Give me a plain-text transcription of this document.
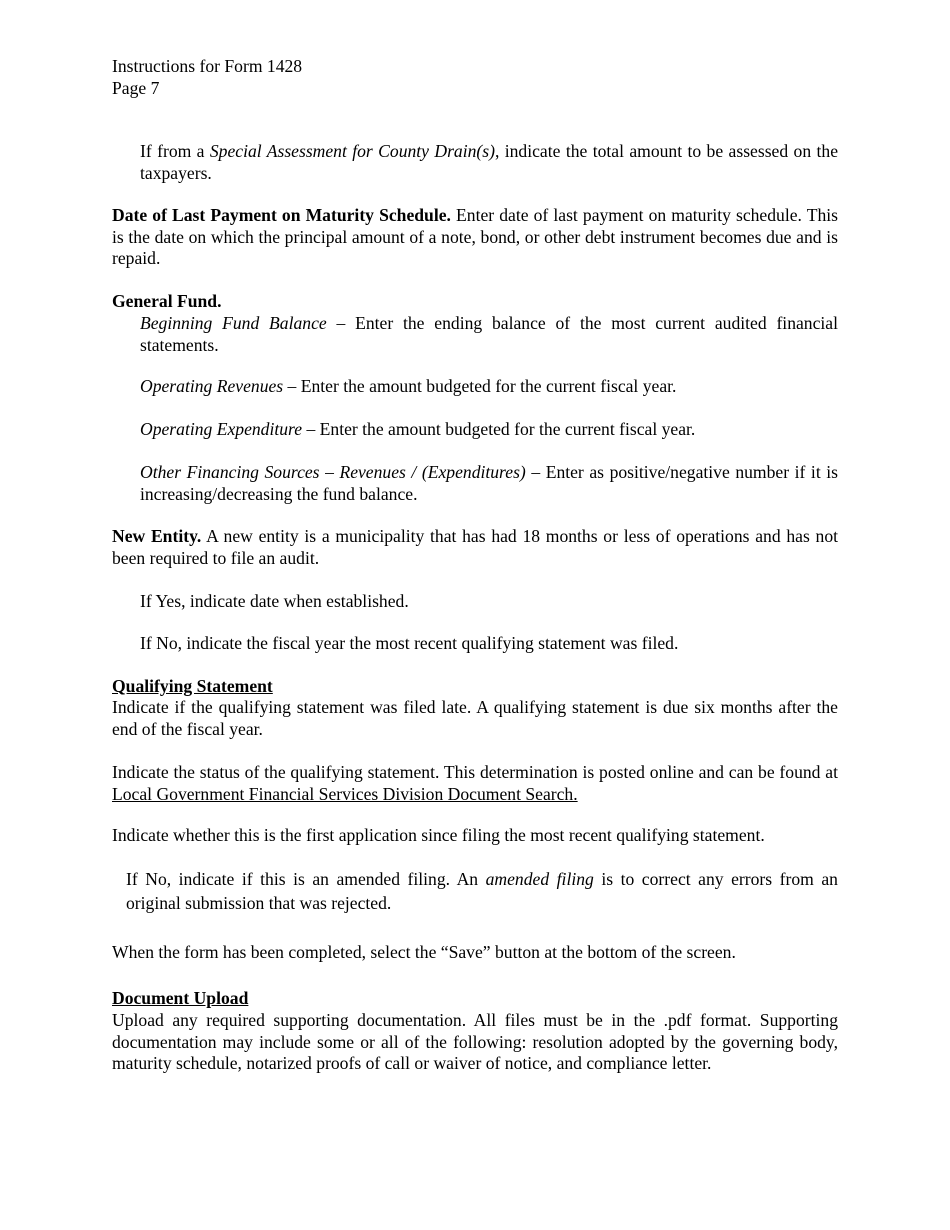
Instructions for Form 1428
Page 7
If from a Special Assessment for County Drain(s), indicate the total amount to be assessed on the taxpayers.
Date of Last Payment on Maturity Schedule. Enter date of last payment on maturity schedule. This is the date on which the principal amount of a note, bond, or other debt instrument becomes due and is repaid.
General Fund.
Beginning Fund Balance – Enter the ending balance of the most current audited financial statements.
Operating Revenues – Enter the amount budgeted for the current fiscal year.
Operating Expenditure – Enter the amount budgeted for the current fiscal year.
Other Financing Sources – Revenues / (Expenditures) – Enter as positive/negative number if it is increasing/decreasing the fund balance.
New Entity. A new entity is a municipality that has had 18 months or less of operations and has not been required to file an audit.
If Yes, indicate date when established.
If No, indicate the fiscal year the most recent qualifying statement was filed.
Qualifying Statement
Indicate if the qualifying statement was filed late. A qualifying statement is due six months after the end of the fiscal year.
Indicate the status of the qualifying statement. This determination is posted online and can be found at Local Government Financial Services Division Document Search.
Indicate whether this is the first application since filing the most recent qualifying statement.
If No, indicate if this is an amended filing. An amended filing is to correct any errors from an original submission that was rejected.
When the form has been completed, select the “Save” button at the bottom of the screen.
Document Upload
Upload any required supporting documentation. All files must be in the .pdf format. Supporting documentation may include some or all of the following: resolution adopted by the governing body, maturity schedule, notarized proofs of call or waiver of notice, and compliance letter.
